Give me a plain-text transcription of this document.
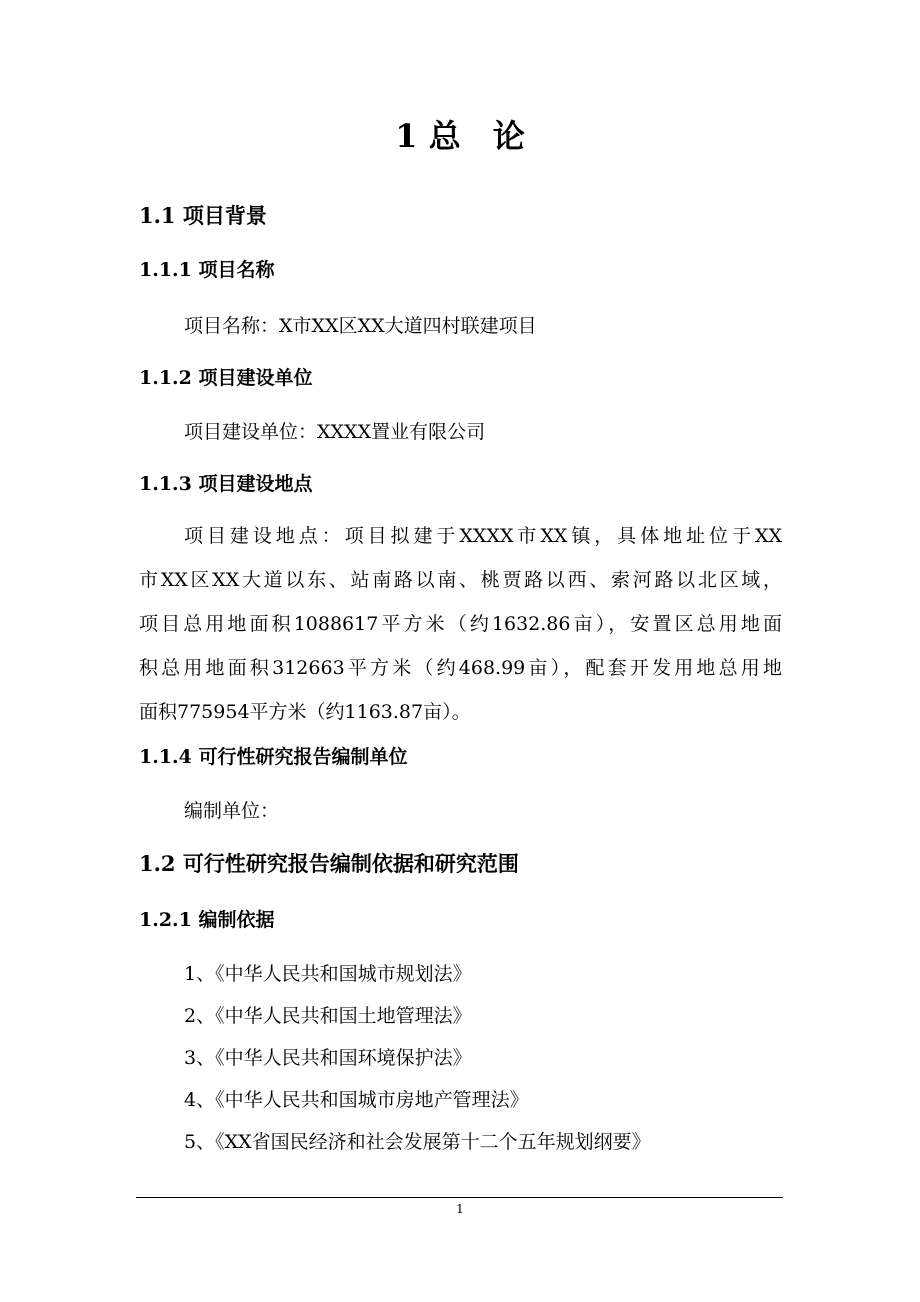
1 总　论
1.1 项目背景
1.1.1 项目名称
项目名称：X市XX区XX大道四村联建项目
1.1.2 项目建设单位
项目建设单位：XXXX置业有限公司
1.1.3 项目建设地点
项目建设地点：项目拟建于XXXX市XX镇，具体地址位于XX
市XX区XX大道以东、站南路以南、桃贾路以西、索河路以北区域，
项目总用地面积1088617平方米（约1632.86亩），安置区总用地面
积总用地面积312663平方米（约468.99亩），配套开发用地总用地
面积775954平方米（约1163.87亩）。
1.1.4 可行性研究报告编制单位
编制单位：
1.2 可行性研究报告编制依据和研究范围
1.2.1 编制依据
1、《中华人民共和国城市规划法》
2、《中华人民共和国土地管理法》
3、《中华人民共和国环境保护法》
4、《中华人民共和国城市房地产管理法》
5、《XX省国民经济和社会发展第十二个五年规划纲要》
1
